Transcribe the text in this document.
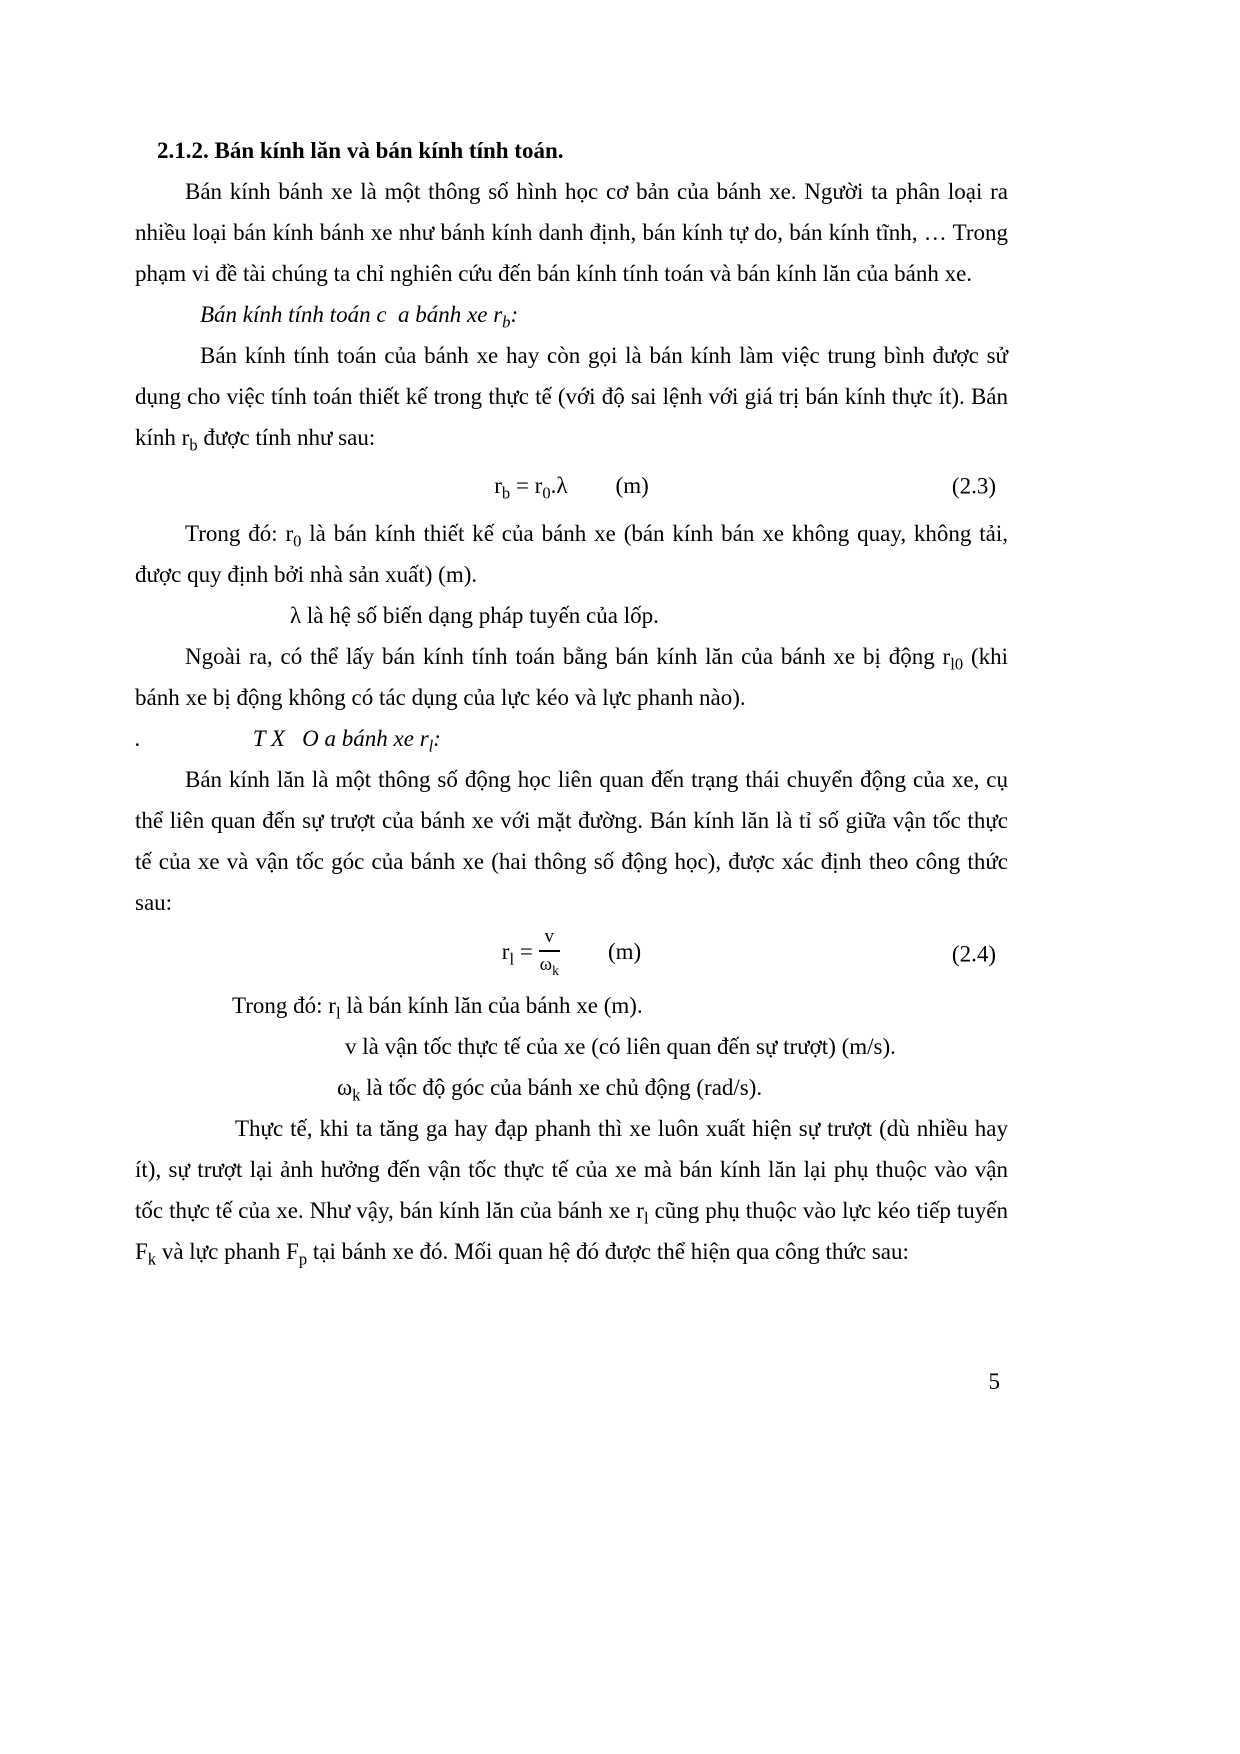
2.1.2. Bán kính lăn và bán kính tính toán.

Bán kính bánh xe là một thông số hình học cơ bản của bánh xe. Người ta phân loại ra nhiều loại bán kính bánh xe như bánh kính danh định, bán kính tự do, bán kính tĩnh, … Trong phạm vi đề tài chúng ta chỉ nghiên cứu đến bán kính tính toán và bán kính lăn của bánh xe.

Bán kính tính toán c  a bánh xe $r_b$:

Bán kính tính toán của bánh xe hay còn gọi là bán kính làm việc trung bình được sử dụng cho việc tính toán thiết kế trong thực tế (với độ sai lệnh với giá trị bán kính thực ít). Bán kính $r_b$ được tính như sau:

$r_b = r_0.\lambda$ (m)	(2.3)

Trong đó: $r_0$ là bán kính thiết kế của bánh xe (bán kính bán xe không quay, không tải, được quy định bởi nhà sản xuất) (m).

λ là hệ số biến dạng pháp tuyến của lốp.

Ngoài ra, có thể lấy bán kính tính toán bằng bán kính lăn của bánh xe bị động $r_{l0}$ (khi bánh xe bị động không có tác dụng của lực kéo và lực phanh nào).

.	T X   O a bánh xe $r_l$:

Bán kính lăn là một thông số động học liên quan đến trạng thái chuyển động của xe, cụ thể liên quan đến sự trượt của bánh xe với mặt đường. Bán kính lăn là tỉ số giữa vận tốc thực tế của xe và vận tốc góc của bánh xe (hai thông số động học), được xác định theo công thức sau:

$r_l = \frac{v}{\omega_k} (m)$	(2.4)

Trong đó: $r_l$ là bán kính lăn của bánh xe (m).

v là vận tốc thực tế của xe (có liên quan đến sự trượt) (m/s).

$\omega_k$ là tốc độ góc của bánh xe chủ động (rad/s).

Thực tế, khi ta tăng ga hay đạp phanh thì xe luôn xuất hiện sự trượt (dù nhiều hay ít), sự trượt lại ảnh hưởng đến vận tốc thực tế của xe mà bán kính lăn lại phụ thuộc vào vận tốc thực tế của xe. Như vậy, bán kính lăn của bánh xe $r_l$ cũng phụ thuộc vào lực kéo tiếp tuyến $F_k$ và lực phanh $F_p$ tại bánh xe đó. Mối quan hệ đó được thể hiện qua công thức sau:

5
